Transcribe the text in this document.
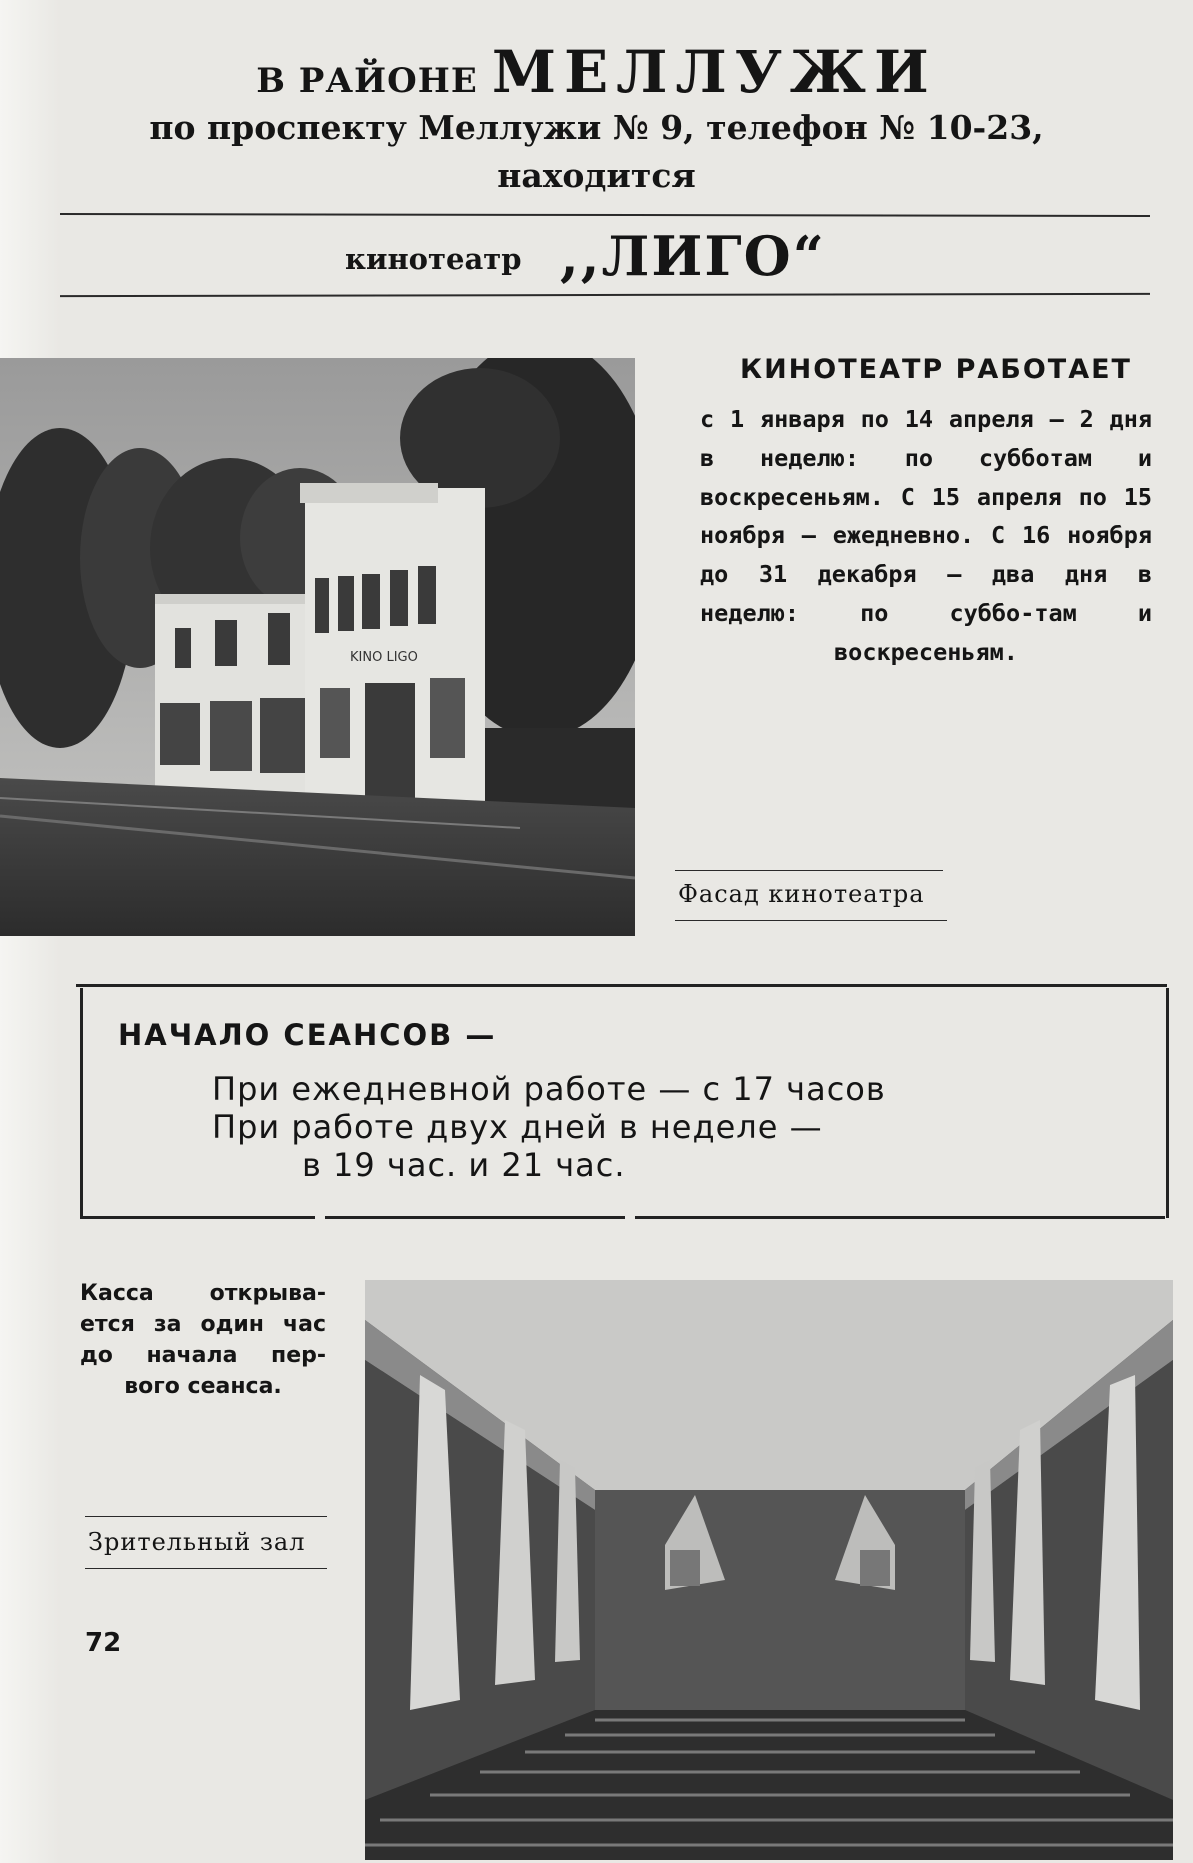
В РАЙОНЕ МЕЛЛУЖИ
по проспекту Меллужи № 9, телефон № 10-23,
находится
кинотеатр ,,ЛИГО“
KINO LIGO
КИНОТЕАТР РАБОТАЕТ

с 1 января по 14 апреля — 2 дня в неделю: по субботам и воскресеньям. С 15 апреля по 15 ноября — ежедневно. С 16 ноября до 31 декабря — два дня в неделю: по суббо-там и воскресеньям.

Фасад кинотеатра
НАЧАЛО СЕАНСОВ —
При ежедневной работе — с 17 часов
При работе двух дней в неделе —
в 19 час. и 21 час.

Касса открыва-ется за один час до начала пер-вого сеанса.

Зрительный зал
72
